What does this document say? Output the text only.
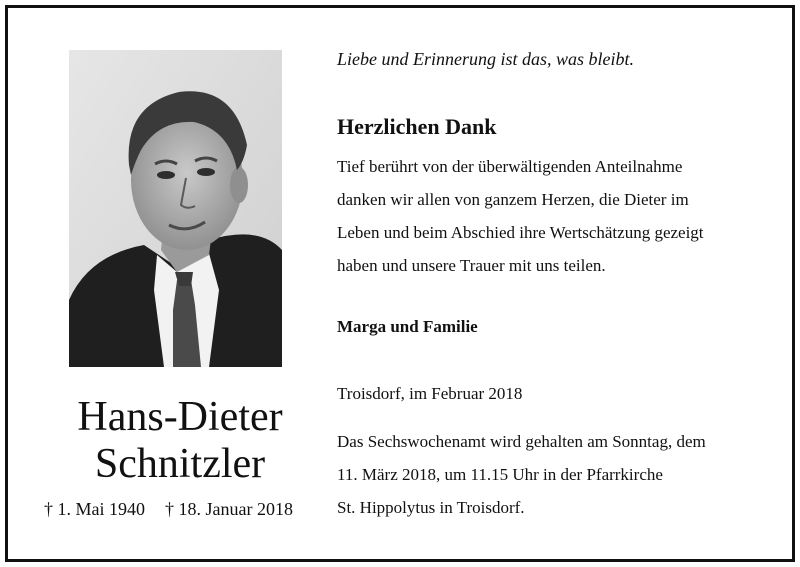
Hans-Dieter
Schnitzler
† 1. Mai 1940 † 18. Januar 2018
Liebe und Erinnerung ist das, was bleibt.
Herzlichen Dank
Tief berührt von der überwältigenden Anteilnahme
danken wir allen von ganzem Herzen, die Dieter im
Leben und beim Abschied ihre Wertschätzung gezeigt
haben und unsere Trauer mit uns teilen.
Marga und Familie
Troisdorf, im Februar 2018
Das Sechswochenamt wird gehalten am Sonntag, dem
11. März 2018, um 11.15 Uhr in der Pfarrkirche
St. Hippolytus in Troisdorf.
